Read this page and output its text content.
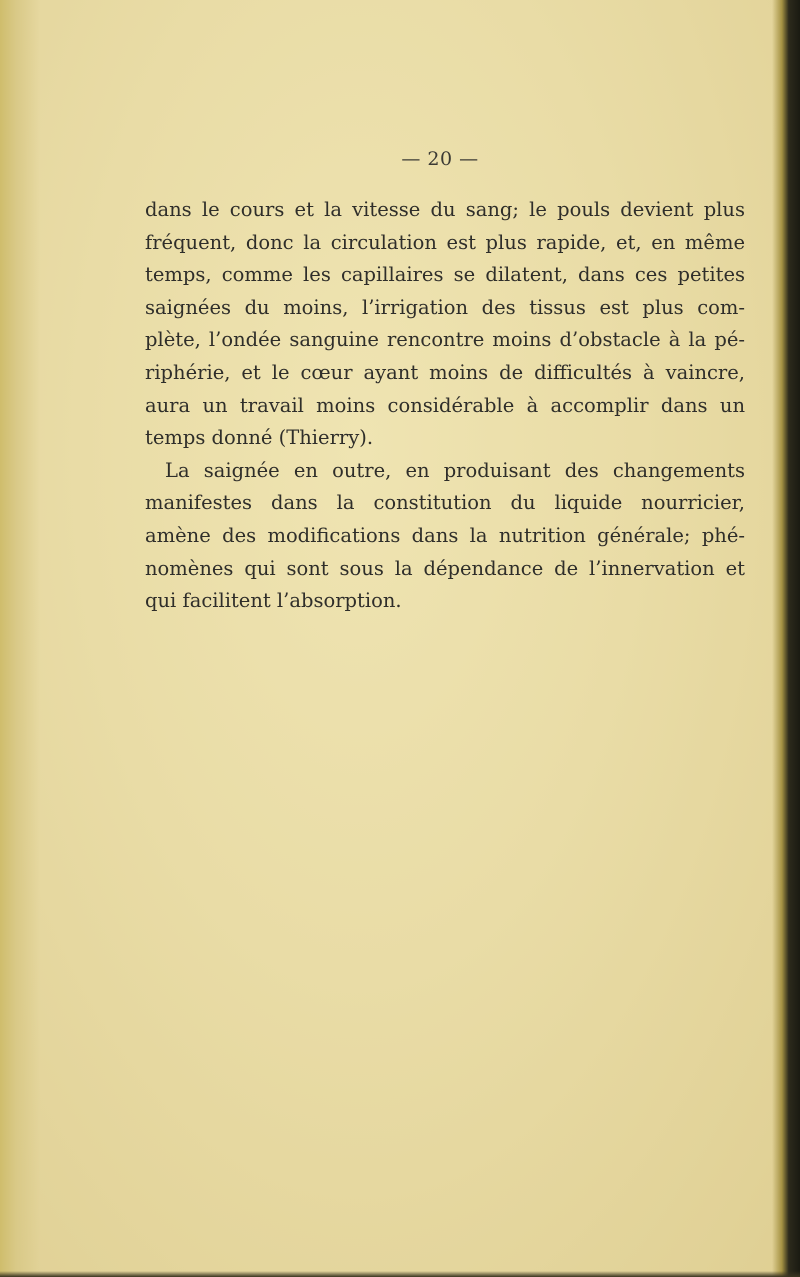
— 20 —
dans le cours et la vitesse du sang; le pouls devient plus
fréquent, donc la circulation est plus rapide, et, en même
temps, comme les capillaires se dilatent, dans ces petites
saignées du moins, l’irrigation des tissus est plus com-
plète, l’ondée sanguine rencontre moins d’obstacle à la pé-
riphérie, et le cœur ayant moins de difficultés à vaincre,
aura un travail moins considérable à accomplir dans un
temps donné (Thierry).
La saignée en outre, en produisant des changements
manifestes dans la constitution du liquide nourricier,
amène des modifications dans la nutrition générale; phé-
nomènes qui sont sous la dépendance de l’innervation et
qui facilitent l’absorption.
